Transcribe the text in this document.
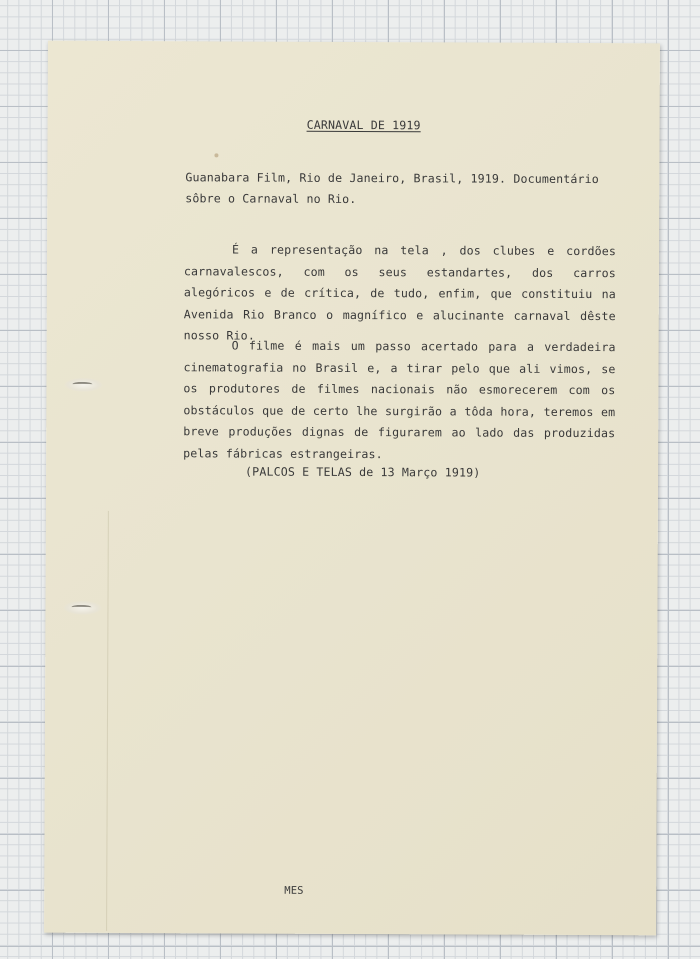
CARNAVAL DE 1919

Guanabara Film, Rio de Janeiro, Brasil, 1919. Documentário sôbre o Carnaval no Rio.

É a representação na tela , dos clubes e cordões carnavalescos, com os seus estandartes, dos carros alegóricos e de crítica, de tudo, enfim, que constituiu na Avenida Rio Branco o magnífico e alucinante carnaval dêste nosso Rio.

O filme é mais um passo acertado para a verdadeira cinematografia no Brasil e, a tirar pelo que ali vimos, se os produtores de filmes nacionais não esmorecerem com os obstáculos que de certo lhe surgirão a tôda hora, teremos em breve produções dignas de figurarem ao lado das produzidas pelas fábricas estrangeiras.

(PALCOS E TELAS de 13 Março 1919)
MES
